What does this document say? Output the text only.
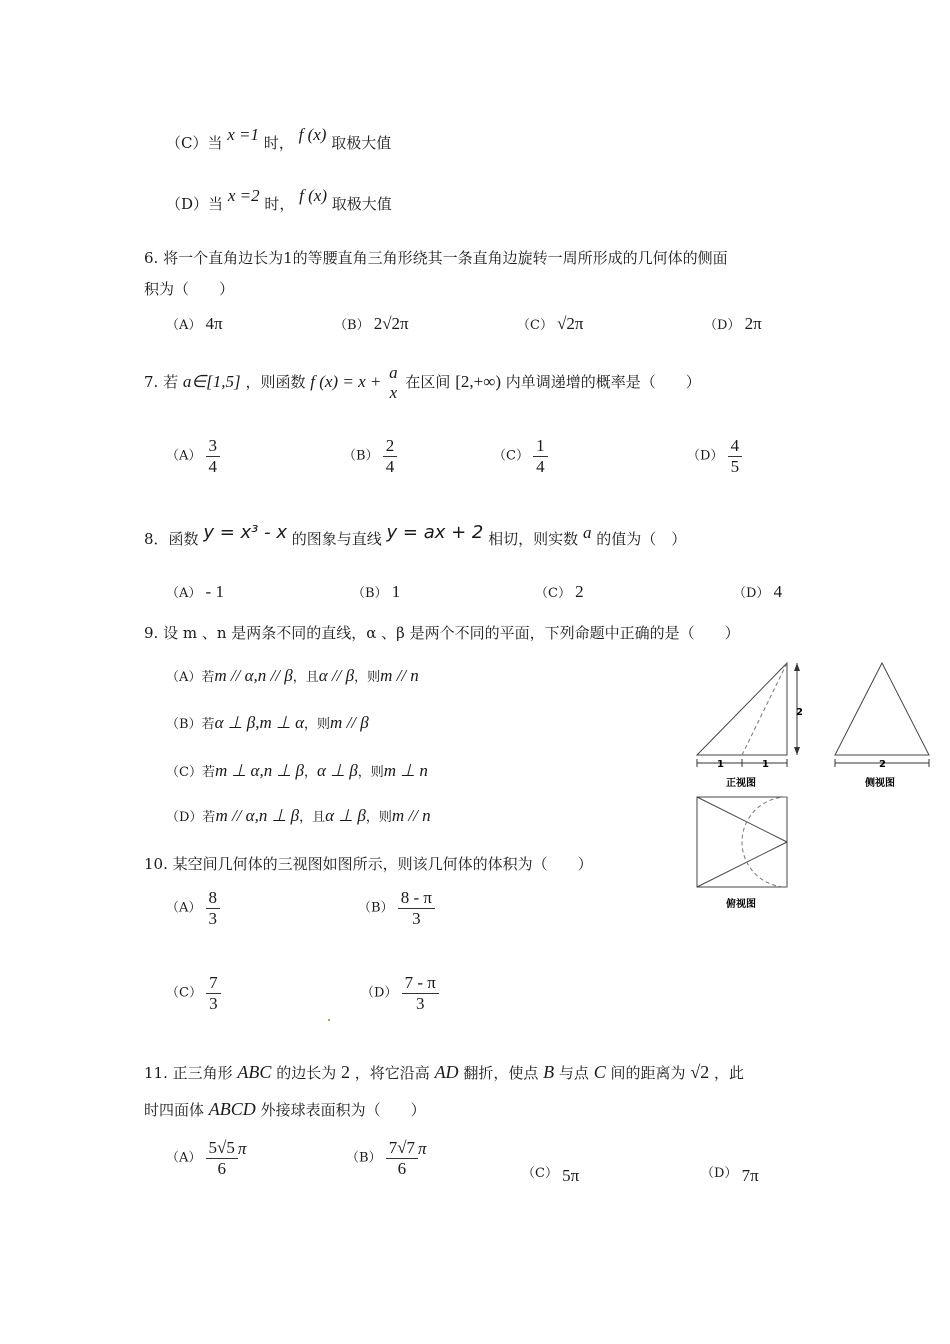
（C）当 x =1 时， f (x) 取极大值
（D）当 x =2 时， f (x) 取极大值
6. 将一个直角边长为1的等腰直角三角形绕其一条直角边旋转一周所形成的几何体的侧面
积为（　　）
（A） 4π	（B） 2√2π	（C） √2π	（D） 2π
7. 若 a∈[1,5] ，则函数 f (x) = x + a
x
在区间 [2,+∞) 内单调递增的概率是（　　）
$(A) \frac{3}{4}$	$(B) \frac{2}{4}$	$(C) \frac{1}{4}$	$(D) \frac{4}{5}$
8．函数 y = x³ - x 的图象与直线 y = ax + 2 相切，则实数 a 的值为（　）
（A） - 1	（B） 1	（C） 2	（D） 4
9. 设 m 、n 是两条不同的直线，α 、β 是两个不同的平面，下列命题中正确的是（　　）
（A）若m // α,n // β，且α // β，则m // n
（B）若α ⊥ β,m ⊥ α，则m // β
（C）若m ⊥ α,n ⊥ β，α ⊥ β，则m ⊥ n
（D）若m // α,n ⊥ β，且α ⊥ β，则m // n
2
1	1	2
正视图	侧视图
俯视图
10. 某空间几何体的三视图如图所示，则该几何体的体积为（　　）
$(A) \frac{8}{3}$	$(B) \frac{8 - \pi}{3}$
$(C) \frac{7}{3}$	$(D) \frac{7 - \pi}{3}$
11. 正三角形 ABC 的边长为 2 ，将它沿高 AD 翻折，使点 B 与点 C 间的距离为 √2 ，此
时四面体 ABCD 外接球表面积为（　　）
$(A) \frac{5√5}{6}$ π
$(B) \frac{7√7}{6}$ π
（C） 5π	（D） 7π
